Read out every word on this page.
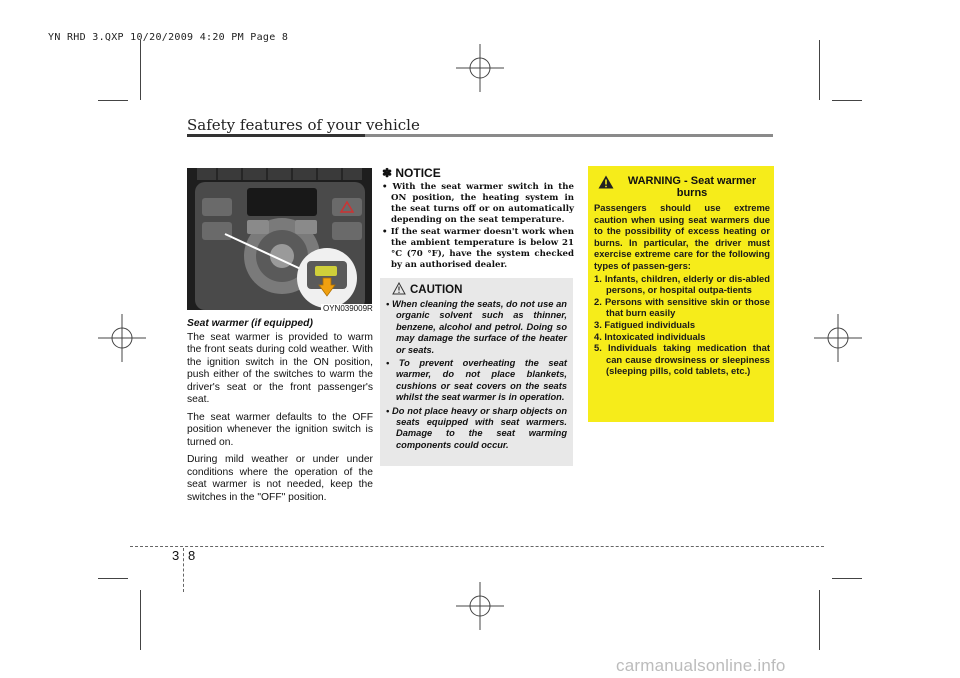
YN RHD 3.QXP 10/20/2009 4:20 PM Page 8
Safety features of your vehicle
OYN039009R
Seat warmer (if equipped)

The seat warmer is provided to warm the front seats during cold weather. With the ignition switch in the ON position, push either of the switches to warm the driver's seat or the front passenger's seat.

The seat warmer defaults to the OFF position whenever the ignition switch is turned on.

During mild weather or under under conditions where the operation of the seat warmer is not needed, keep the switches in the "OFF" position.

✽ NOTICE
• With the seat warmer switch in the ON position, the heating system in the seat turns off or on automatically depending on the seat temperature.
• If the seat warmer doesn't work when the ambient temperature is below 21 °C (70 °F), have the system checked by an authorised dealer.
CAUTION
• When cleaning the seats, do not use an organic solvent such as thinner, benzene, alcohol and petrol. Doing so may damage the surface of the heater or seats.
• To prevent overheating the seat warmer, do not place blankets, cushions or seat covers on the seats whilst the seat warmer is in operation.
• Do not place heavy or sharp objects on seats equipped with seat warmers. Damage to the seat warming components could occur.
WARNING - Seat warmer burns

Passengers should use extreme caution when using seat warmers due to the possibility of excess heating or burns. In particular, the driver must exercise extreme care for the following types of passen-gers:

1. Infants, children, elderly or dis-abled persons, or hospital outpa-tients
2. Persons with sensitive skin or those that burn easily
3. Fatigued individuals
4. Intoxicated individuals
5. Individuals taking medication that can cause drowsiness or sleepiness (sleeping pills, cold tablets, etc.)
3 8
carmanualsonline.info
